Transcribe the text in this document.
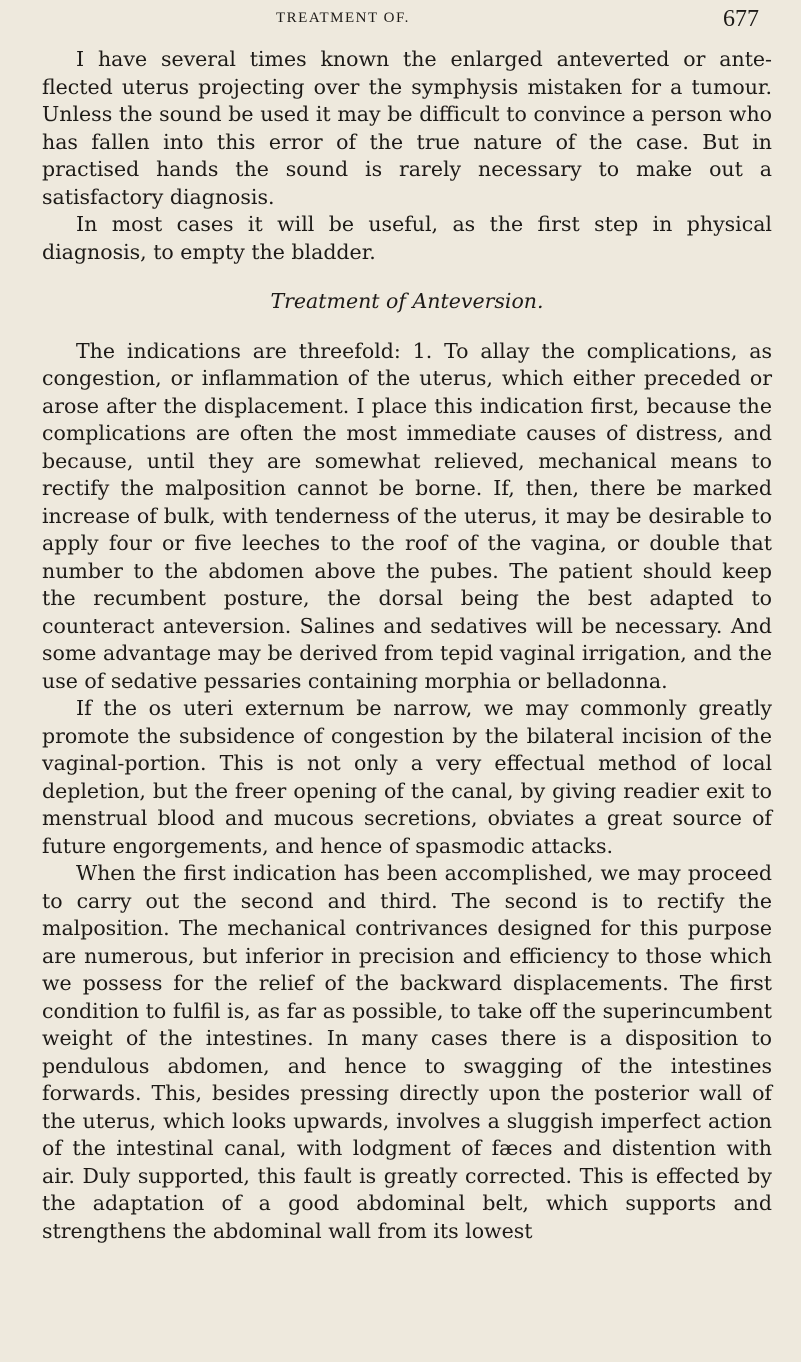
TREATMENT OF.	677

I have several times known the enlarged anteverted or ante-flected uterus projecting over the symphysis mistaken for a tumour. Unless the sound be used it may be difficult to convince a person who has fallen into this error of the true nature of the case. But in practised hands the sound is rarely necessary to make out a satisfactory diagnosis.

In most cases it will be useful, as the first step in physical diagnosis, to empty the bladder.

Treatment of Anteversion.

The indications are threefold: 1. To allay the complications, as congestion, or inflammation of the uterus, which either preceded or arose after the displacement. I place this indication first, because the complications are often the most immediate causes of distress, and because, until they are somewhat relieved, mechanical means to rectify the malposition cannot be borne. If, then, there be marked increase of bulk, with tenderness of the uterus, it may be desirable to apply four or five leeches to the roof of the vagina, or double that number to the abdomen above the pubes. The patient should keep the recumbent posture, the dorsal being the best adapted to counteract anteversion. Salines and sedatives will be necessary. And some advantage may be derived from tepid vaginal irrigation, and the use of sedative pessaries containing morphia or belladonna.

If the os uteri externum be narrow, we may commonly greatly promote the subsidence of congestion by the bilateral incision of the vaginal-portion. This is not only a very effectual method of local depletion, but the freer opening of the canal, by giving readier exit to menstrual blood and mucous secretions, obviates a great source of future engorgements, and hence of spasmodic attacks.

When the first indication has been accomplished, we may proceed to carry out the second and third. The second is to rectify the malposition. The mechanical contrivances designed for this purpose are numerous, but inferior in precision and efficiency to those which we possess for the relief of the backward displacements. The first condition to fulfil is, as far as possible, to take off the superincumbent weight of the intestines. In many cases there is a disposition to pendulous abdomen, and hence to swagging of the intestines forwards. This, besides pressing directly upon the posterior wall of the uterus, which looks upwards, involves a sluggish imperfect action of the intestinal canal, with lodgment of fæces and distention with air. Duly supported, this fault is greatly corrected. This is effected by the adaptation of a good abdominal belt, which supports and strengthens the abdominal wall from its lowest
